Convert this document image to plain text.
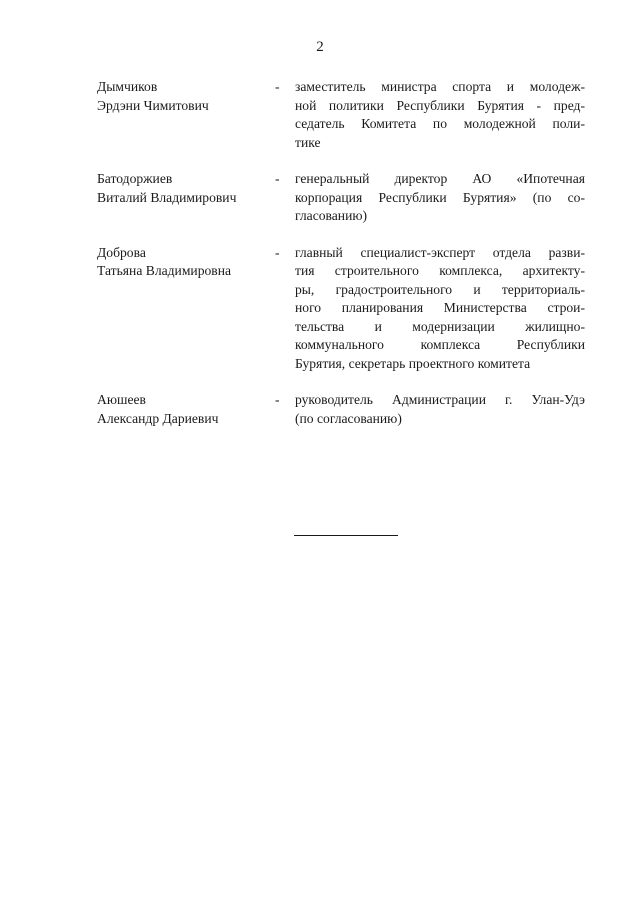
2
Дымчиков
Эрдэни Чимитович
-	заместитель министра спорта и молодеж-
ной политики Республики Бурятия - пред-
седатель Комитета по молодежной поли-
тике
Батодоржиев
Виталий Владимирович
-	генеральный директор АО «Ипотечная
корпорация Республики Бурятия» (по со-
гласованию)
Доброва
Татьяна Владимировна
-	главный специалист-эксперт отдела разви-
тия строительного комплекса, архитекту-
ры, градостроительного и территориаль-
ного планирования Министерства строи-
тельства и модернизации жилищно-
коммунального комплекса Республики
Бурятия, секретарь проектного комитета
Аюшеев
Александр Дариевич
-	руководитель Администрации г. Улан-Удэ
(по согласованию)
